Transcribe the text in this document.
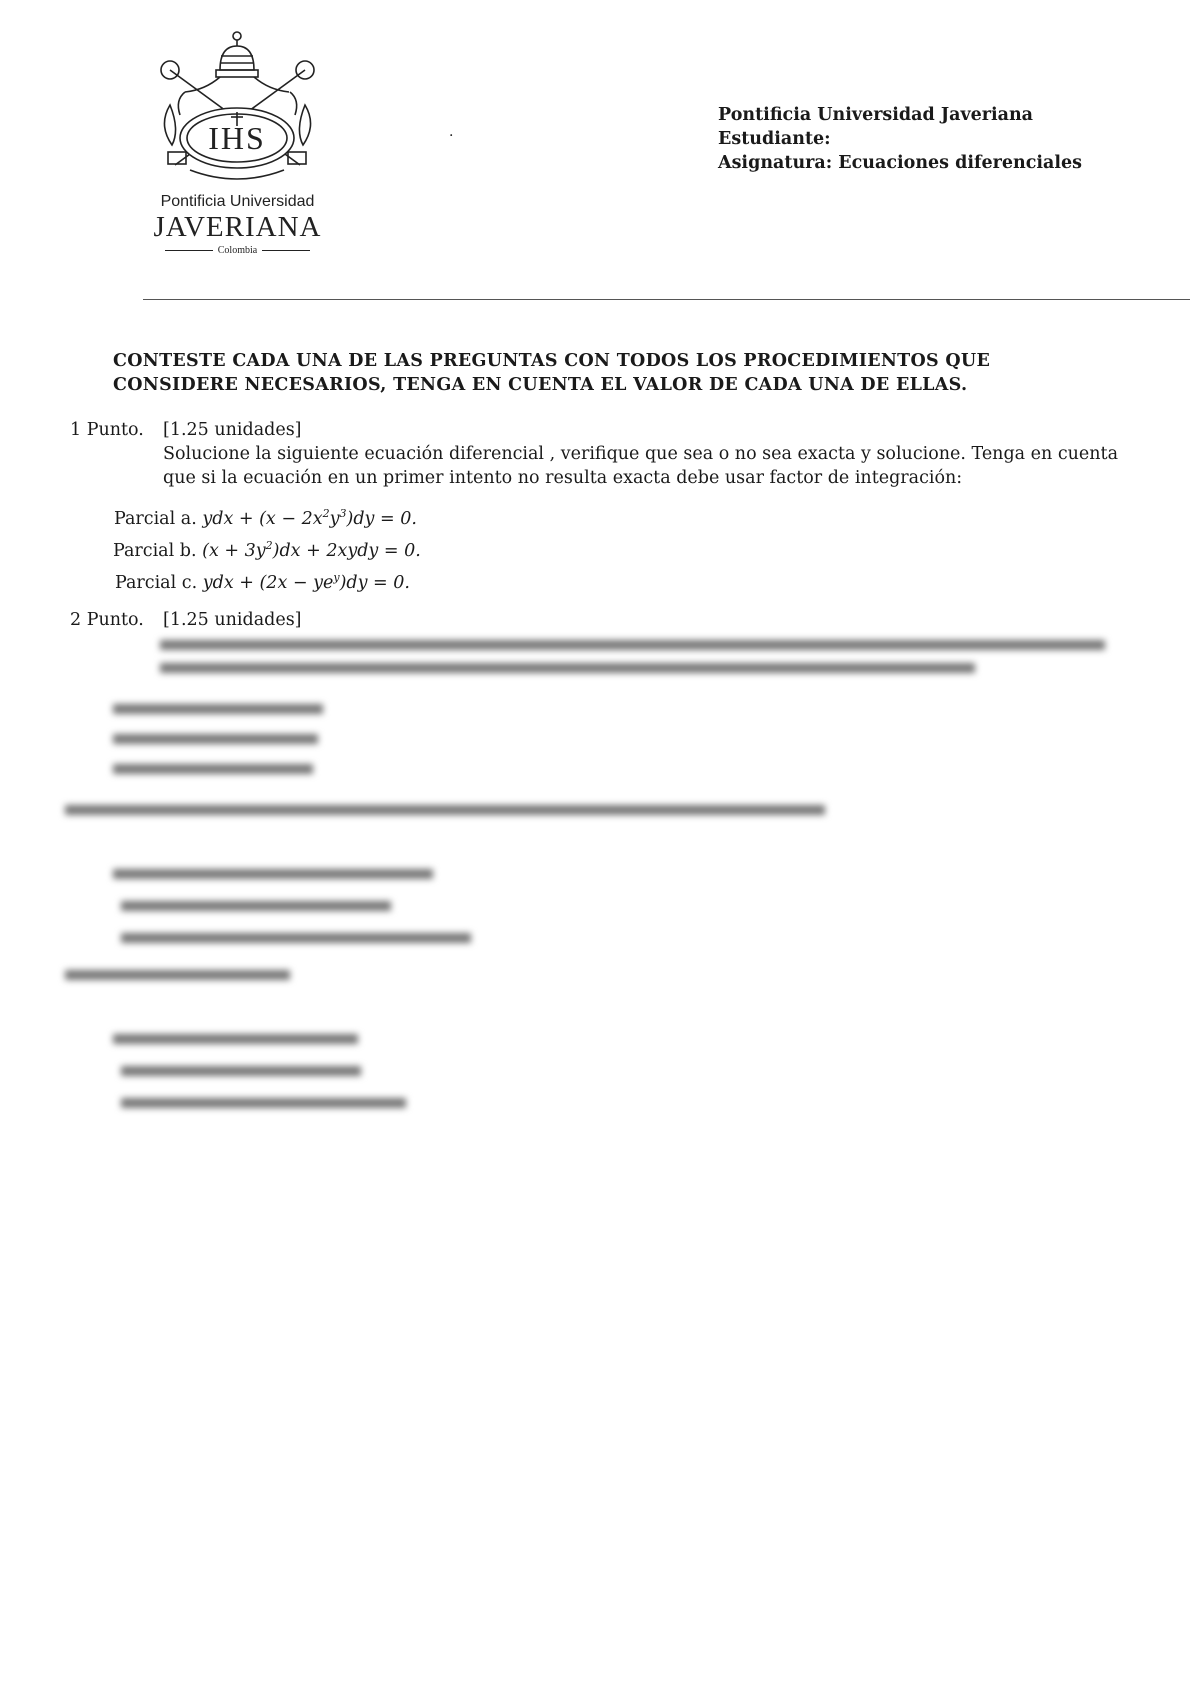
IHS
Pontificia Universidad
JAVERIANA
Colombia
·
Pontificia Universidad Javeriana
Estudiante:
Asignatura: Ecuaciones diferenciales
CONTESTE CADA UNA DE LAS PREGUNTAS CON TODOS LOS PROCEDIMIENTOS QUE
CONSIDERE NECESARIOS, TENGA EN CUENTA EL VALOR DE CADA UNA DE ELLAS.
1 Punto. [1.25 unidades]
Solucione la siguiente ecuación diferencial , verifique que sea o no sea exacta y solucione. Tenga en cuenta
que si la ecuación en un primer intento no resulta exacta debe usar factor de integración:
Parcial a. ydx + $(x - 2x^2y^3)dy = 0$.
Parcial b. $(x + 3y^2)dx$ + 2xydy = 0.
Parcial c. ydx + $(2x - ye^y)dy = 0$.
2 Punto. [1.25 unidades]
